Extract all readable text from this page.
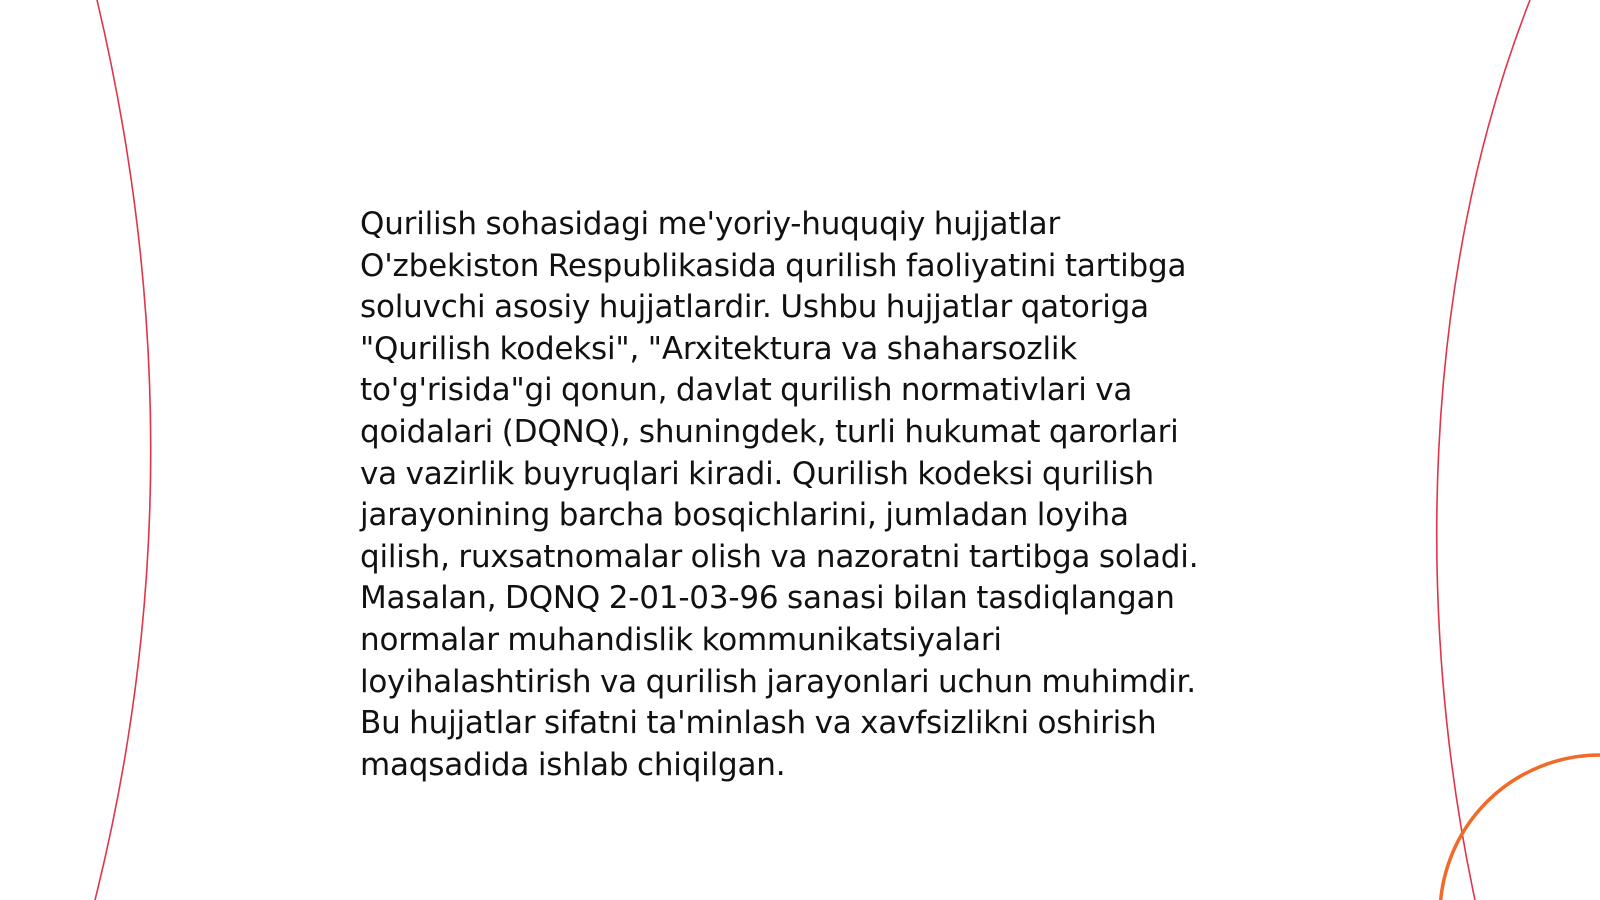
Qurilish sohasidagi me'yoriy-huquqiy hujjatlar O'zbekiston Respublikasida qurilish faoliyatini tartibga soluvchi asosiy hujjatlardir. Ushbu hujjatlar qatoriga "Qurilish kodeksi", "Arxitektura va shaharsozlik to'g'risida"gi qonun, davlat qurilish normativlari va qoidalari (DQNQ), shuningdek, turli hukumat qarorlari va vazirlik buyruqlari kiradi. Qurilish kodeksi qurilish jarayonining barcha bosqichlarini, jumladan loyiha qilish, ruxsatnomalar olish va nazoratni tartibga soladi. Masalan, DQNQ 2-01-03-96 sanasi bilan tasdiqlangan normalar muhandislik kommunikatsiyalari loyihalashtirish va qurilish jarayonlari uchun muhimdir. Bu hujjatlar sifatni ta'minlash va xavfsizlikni oshirish maqsadida ishlab chiqilgan.
